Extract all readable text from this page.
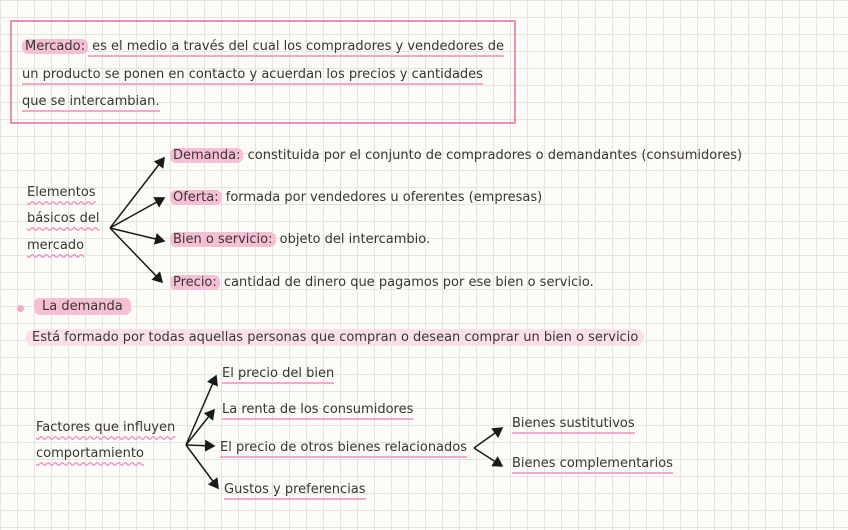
Mercado: es el medio a través del cual los compradores y vendedores de
un producto se ponen en contacto y acuerdan los precios y cantidades
que se intercambian.
Elementos
básicos del
mercado
Demanda: constituida por el conjunto de compradores o demandantes (consumidores)
Oferta: formada por vendedores u oferentes (empresas)
Bien o servicio: objeto del intercambio.
Precio: cantidad de dinero que pagamos por ese bien o servicio.
La demanda
Está formado por todas aquellas personas que compran o desean comprar un bien o servicio
Factores que influyen
comportamiento
El precio del bien
La renta de los consumidores
El precio de otros bienes relacionados
Gustos y preferencias
Bienes sustitutivos
Bienes complementarios
